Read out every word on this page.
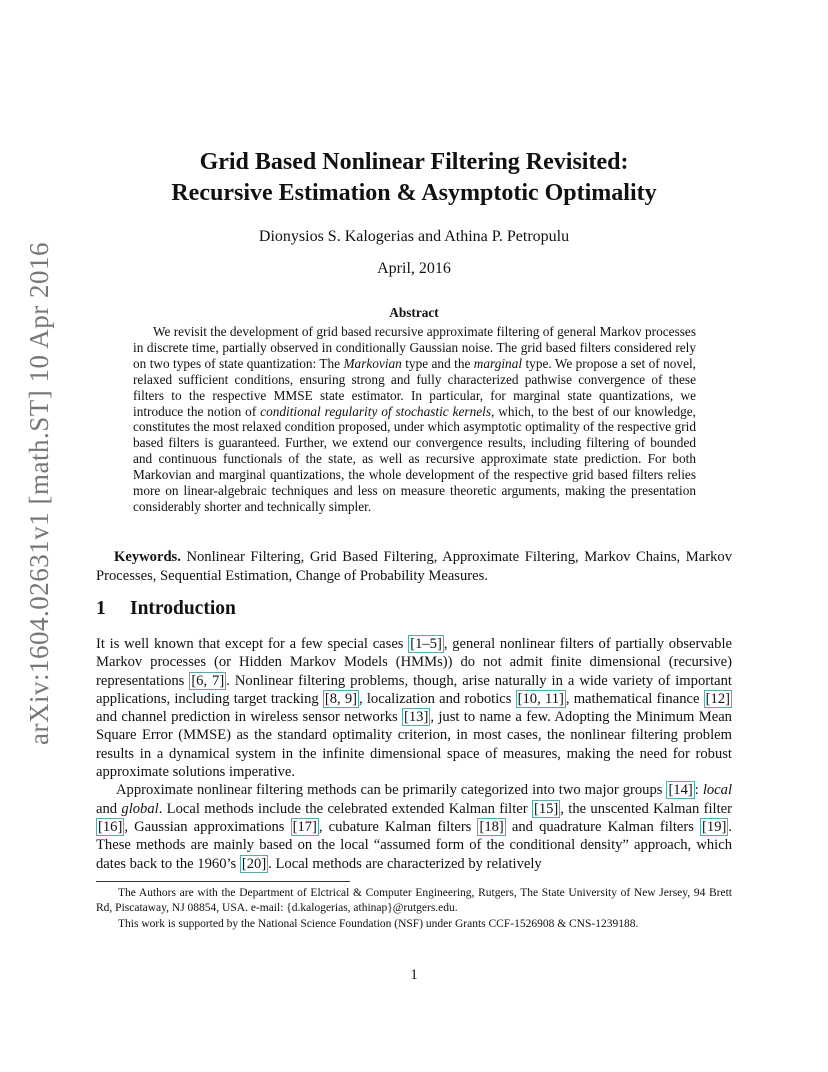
arXiv:1604.02631v1 [math.ST] 10 Apr 2016
Grid Based Nonlinear Filtering Revisited:
Recursive Estimation & Asymptotic Optimality
Dionysios S. Kalogerias and Athina P. Petropulu
April, 2016
Abstract

We revisit the development of grid based recursive approximate filtering of general Markov processes in discrete time, partially observed in conditionally Gaussian noise. The grid based filters considered rely on two types of state quantization: The Markovian type and the marginal type. We propose a set of novel, relaxed sufficient conditions, ensuring strong and fully characterized pathwise convergence of these filters to the respective MMSE state estimator. In particular, for marginal state quantizations, we introduce the notion of conditional regularity of stochastic kernels, which, to the best of our knowledge, constitutes the most relaxed condition proposed, under which asymptotic optimality of the respective grid based filters is guaranteed. Further, we extend our convergence results, including filtering of bounded and continuous functionals of the state, as well as recursive approximate state prediction. For both Markovian and marginal quantizations, the whole development of the respective grid based filters relies more on linear-algebraic techniques and less on measure theoretic arguments, making the presentation considerably shorter and technically simpler.

Keywords. Nonlinear Filtering, Grid Based Filtering, Approximate Filtering, Markov Chains, Markov Processes, Sequential Estimation, Change of Probability Measures.
1 Introduction

It is well known that except for a few special cases [1–5] , general nonlinear filters of partially observable Markov processes (or Hidden Markov Models (HMMs)) do not admit finite dimensional (recursive) representations [6, 7] . Nonlinear filtering problems, though, arise naturally in a wide variety of important applications, including target tracking [8, 9] , localization and robotics [10, 11] , mathematical finance [12] and channel prediction in wireless sensor networks [13] , just to name a few. Adopting the Minimum Mean Square Error (MMSE) as the standard optimality criterion, in most cases, the nonlinear filtering problem results in a dynamical system in the infinite dimensional space of measures, making the need for robust approximate solutions imperative.

Approximate nonlinear filtering methods can be primarily categorized into two major groups [14] : local and global. Local methods include the celebrated extended Kalman filter [15] , the unscented Kalman filter [16] , Gaussian approximations [17] , cubature Kalman filters [18] and quadrature Kalman filters [19] . These methods are mainly based on the local “assumed form of the conditional density” approach, which dates back to the 1960’s [20] . Local methods are characterized by relatively

The Authors are with the Department of Elctrical & Computer Engineering, Rutgers, The State University of New Jersey, 94 Brett Rd, Piscataway, NJ 08854, USA. e-mail: {d.kalogerias, athinap}@rutgers.edu.
This work is supported by the National Science Foundation (NSF) under Grants CCF-1526908 & CNS-1239188.
1
